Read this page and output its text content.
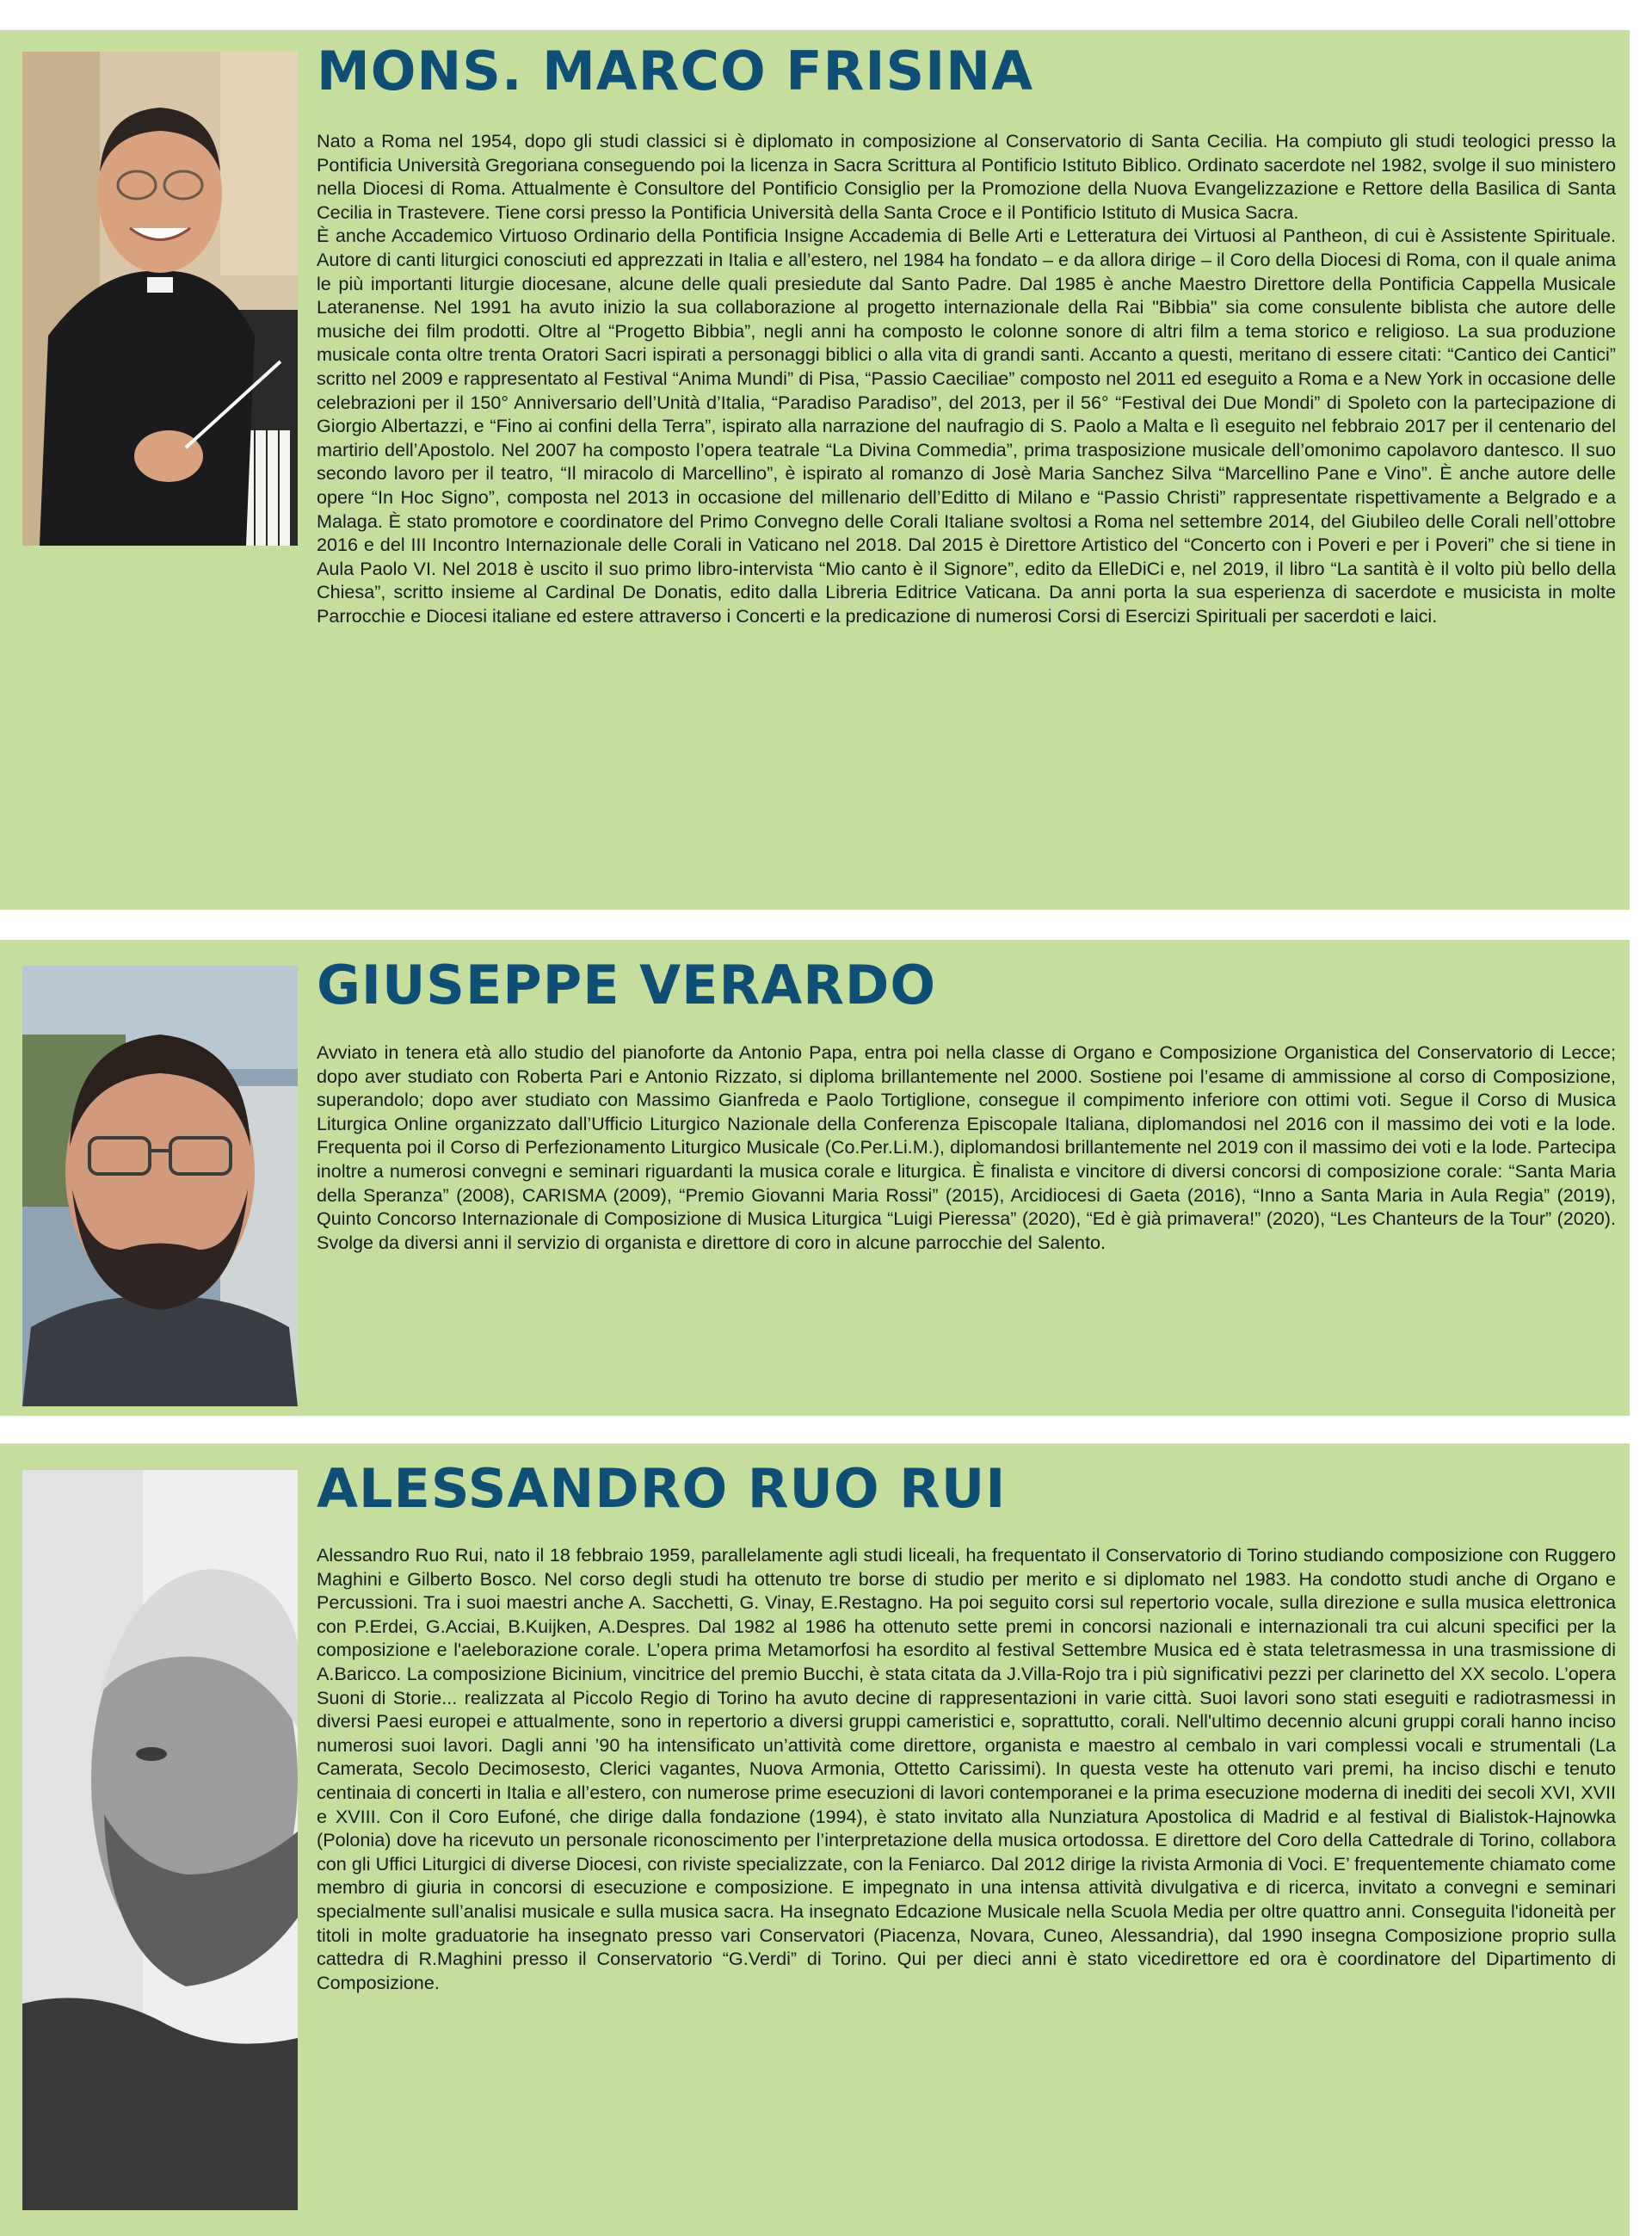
MONS. MARCO FRISINA

Nato a Roma nel 1954, dopo gli studi classici si è diplomato in composizione al Conservatorio di Santa Cecilia. Ha compiuto gli studi teologici presso la Pontificia Università Gregoriana conseguendo poi la licenza in Sacra Scrittura al Pontificio Istituto Biblico. Ordinato sacerdote nel 1982, svolge il suo ministero nella Diocesi di Roma. Attualmente è Consultore del Pontificio Consiglio per la Promozione della Nuova Evangelizzazione e Rettore della Basilica di Santa Cecilia in Trastevere. Tiene corsi presso la Pontificia Università della Santa Croce e il Pontificio Istituto di Musica Sacra.
È anche Accademico Virtuoso Ordinario della Pontificia Insigne Accademia di Belle Arti e Letteratura dei Virtuosi al Pantheon, di cui è Assistente Spirituale. Autore di canti liturgici conosciuti ed apprezzati in Italia e all’estero, nel 1984 ha fondato – e da allora dirige – il Coro della Diocesi di Roma, con il quale anima le più importanti liturgie diocesane, alcune delle quali presiedute dal Santo Padre. Dal 1985 è anche Maestro Direttore della Pontificia Cappella Musicale Lateranense. Nel 1991 ha avuto inizio la sua collaborazione al progetto internazionale della Rai "Bibbia" sia come consulente biblista che autore delle musiche dei film prodotti. Oltre al “Progetto Bibbia”, negli anni ha composto le colonne sonore di altri film a tema storico e religioso. La sua produzione musicale conta oltre trenta Oratori Sacri ispirati a personaggi biblici o alla vita di grandi santi. Accanto a questi, meritano di essere citati: “Cantico dei Cantici” scritto nel 2009 e rappresentato al Festival “Anima Mundi” di Pisa, “Passio Caeciliae” composto nel 2011 ed eseguito a Roma e a New York in occasione delle celebrazioni per il 150° Anniversario dell’Unità d’Italia, “Paradiso Paradiso”, del 2013, per il 56° “Festival dei Due Mondi” di Spoleto con la partecipazione di Giorgio Albertazzi, e “Fino ai confini della Terra”, ispirato alla narrazione del naufragio di S. Paolo a Malta e lì eseguito nel febbraio 2017 per il centenario del martirio dell’Apostolo. Nel 2007 ha composto l’opera teatrale “La Divina Commedia”, prima trasposizione musicale dell’omonimo capolavoro dantesco. Il suo secondo lavoro per il teatro, “Il miracolo di Marcellino”, è ispirato al romanzo di Josè Maria Sanchez Silva “Marcellino Pane e Vino”. È anche autore delle opere “In Hoc Signo”, composta nel 2013 in occasione del millenario dell’Editto di Milano e “Passio Christi” rappresentate rispettivamente a Belgrado e a Malaga. È stato promotore e coordinatore del Primo Convegno delle Corali Italiane svoltosi a Roma nel settembre 2014, del Giubileo delle Corali nell’ottobre 2016 e del III Incontro Internazionale delle Corali in Vaticano nel 2018. Dal 2015 è Direttore Artistico del “Concerto con i Poveri e per i Poveri” che si tiene in Aula Paolo VI. Nel 2018 è uscito il suo primo libro-intervista “Mio canto è il Signore”, edito da ElleDiCi e, nel 2019, il libro “La santità è il volto più bello della Chiesa”, scritto insieme al Cardinal De Donatis, edito dalla Libreria Editrice Vaticana. Da anni porta la sua esperienza di sacerdote e musicista in molte Parrocchie e Diocesi italiane ed estere attraverso i Concerti e la predicazione di numerosi Corsi di Esercizi Spirituali per sacerdoti e laici.

GIUSEPPE VERARDO

Avviato in tenera età allo studio del pianoforte da Antonio Papa, entra poi nella classe di Organo e Composizione Organistica del Conservatorio di Lecce; dopo aver studiato con Roberta Pari e Antonio Rizzato, si diploma brillantemente nel 2000. Sostiene poi l’esame di ammissione al corso di Composizione, superandolo; dopo aver studiato con Massimo Gianfreda e Paolo Tortiglione, consegue il compimento inferiore con ottimi voti. Segue il Corso di Musica Liturgica Online organizzato dall’Ufficio Liturgico Nazionale della Conferenza Episcopale Italiana, diplomandosi nel 2016 con il massimo dei voti e la lode. Frequenta poi il Corso di Perfezionamento Liturgico Musicale (Co.Per.Li.M.), diplomandosi brillantemente nel 2019 con il massimo dei voti e la lode. Partecipa inoltre a numerosi convegni e seminari riguardanti la musica corale e liturgica. È finalista e vincitore di diversi concorsi di composizione corale: “Santa Maria della Speranza” (2008), CARISMA (2009), “Premio Giovanni Maria Rossi” (2015), Arcidiocesi di Gaeta (2016), “Inno a Santa Maria in Aula Regia” (2019), Quinto Concorso Internazionale di Composizione di Musica Liturgica “Luigi Pieressa” (2020), “Ed è già primavera!” (2020), “Les Chanteurs de la Tour” (2020). Svolge da diversi anni il servizio di organista e direttore di coro in alcune parrocchie del Salento.

ALESSANDRO RUO RUI

Alessandro Ruo Rui, nato il 18 febbraio 1959, parallelamente agli studi liceali, ha frequentato il Conservatorio di Torino studiando composizione con Ruggero Maghini e Gilberto Bosco. Nel corso degli studi ha ottenuto tre borse di studio per merito e si diplomato nel 1983. Ha condotto studi anche di Organo e Percussioni. Tra i suoi maestri anche A. Sacchetti, G. Vinay, E.Restagno. Ha poi seguito corsi sul repertorio vocale, sulla direzione e sulla musica elettronica con P.Erdei, G.Acciai, B.Kuijken, A.Despres. Dal 1982 al 1986 ha ottenuto sette premi in concorsi nazionali e internazionali tra cui alcuni specifici per la composizione e l'aeleborazione corale. L’opera prima Metamorfosi ha esordito al festival Settembre Musica ed è stata teletrasmessa in una trasmissione di A.Baricco. La composizione Bicinium, vincitrice del premio Bucchi, è stata citata da J.Villa-Rojo tra i più significativi pezzi per clarinetto del XX secolo. L’opera Suoni di Storie... realizzata al Piccolo Regio di Torino ha avuto decine di rappresentazioni in varie città. Suoi lavori sono stati eseguiti e radiotrasmessi in diversi Paesi europei e attualmente, sono in repertorio a diversi gruppi cameristici e, soprattutto, corali. Nell'ultimo decennio alcuni gruppi corali hanno inciso numerosi suoi lavori. Dagli anni ’90 ha intensificato un’attività come direttore, organista e maestro al cembalo in vari complessi vocali e strumentali (La Camerata, Secolo Decimosesto, Clerici vagantes, Nuova Armonia, Ottetto Carissimi). In questa veste ha ottenuto vari premi, ha inciso dischi e tenuto centinaia di concerti in Italia e all’estero, con numerose prime esecuzioni di lavori contemporanei e la prima esecuzione moderna di inediti dei secoli XVI, XVII e XVIII. Con il Coro Eufoné, che dirige dalla fondazione (1994), è stato invitato alla Nunziatura Apostolica di Madrid e al festival di Bialistok-Hajnowka (Polonia) dove ha ricevuto un personale riconoscimento per l’interpretazione della musica ortodossa. E direttore del Coro della Cattedrale di Torino, collabora con gli Uffici Liturgici di diverse Diocesi, con riviste specializzate, con la Feniarco. Dal 2012 dirige la rivista Armonia di Voci. E’ frequentemente chiamato come membro di giuria in concorsi di esecuzione e composizione. E impegnato in una intensa attività divulgativa e di ricerca, invitato a convegni e seminari specialmente sull’analisi musicale e sulla musica sacra. Ha insegnato Edcazione Musicale nella Scuola Media per oltre quattro anni. Conseguita l'idoneità per titoli in molte graduatorie ha insegnato presso vari Conservatori (Piacenza, Novara, Cuneo, Alessandria), dal 1990 insegna Composizione proprio sulla cattedra di R.Maghini presso il Conservatorio “G.Verdi” di Torino. Qui per dieci anni è stato vicedirettore ed ora è coordinatore del Dipartimento di Composizione.
